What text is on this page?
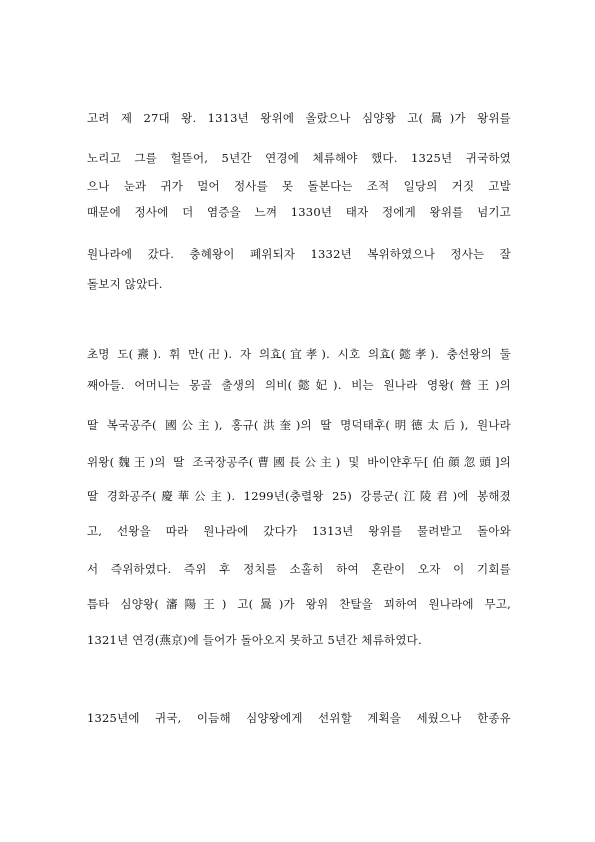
고려 제 27대 왕. 1313년 왕위에 올랐으나 심양왕 고(暠)가 왕위를
노리고 그를 헐뜯어, 5년간 연경에 체류해야 했다. 1325년 귀국하였
으나 눈과 귀가 멀어 정사를 못 돌본다는 조적 일당의 거짓 고발
때문에 정사에 더 염증을 느껴 1330년 태자 정에게 왕위를 넘기고
원나라에 갔다. 충혜왕이 폐위되자 1332년 복위하였으나 정사는 잘
돌보지 않았다.
초명 도(燾). 휘 만(卍). 자 의효(宜孝). 시호 의효(懿孝). 충선왕의 둘
째아들. 어머니는 몽골 출생의 의비(懿妃). 비는 원나라 영왕(營王)의
딸 복국공주( 國公主), 홍규(洪奎)의 딸 명덕태후(明德太后), 원나라
위왕(魏王)의 딸 조국장공주(曹國長公主) 및 바이얀후두[伯顔忽頭]의
딸 경화공주(慶華公主). 1299년(충렬왕 25) 강릉군(江陵君)에 봉해졌
고, 선왕을 따라 원나라에 갔다가 1313년 왕위를 물려받고 돌아와
서 즉위하였다. 즉위 후 정치를 소홀히 하여 혼란이 오자 이 기회를
틈타 심양왕(瀋陽王) 고(暠)가 왕위 찬탈을 꾀하여 원나라에 무고,
1321년 연경(燕京)에 들어가 돌아오지 못하고 5년간 체류하였다.
1325년에 귀국, 이듬해 심양왕에게 선위할 계획을 세웠으나 한종유
